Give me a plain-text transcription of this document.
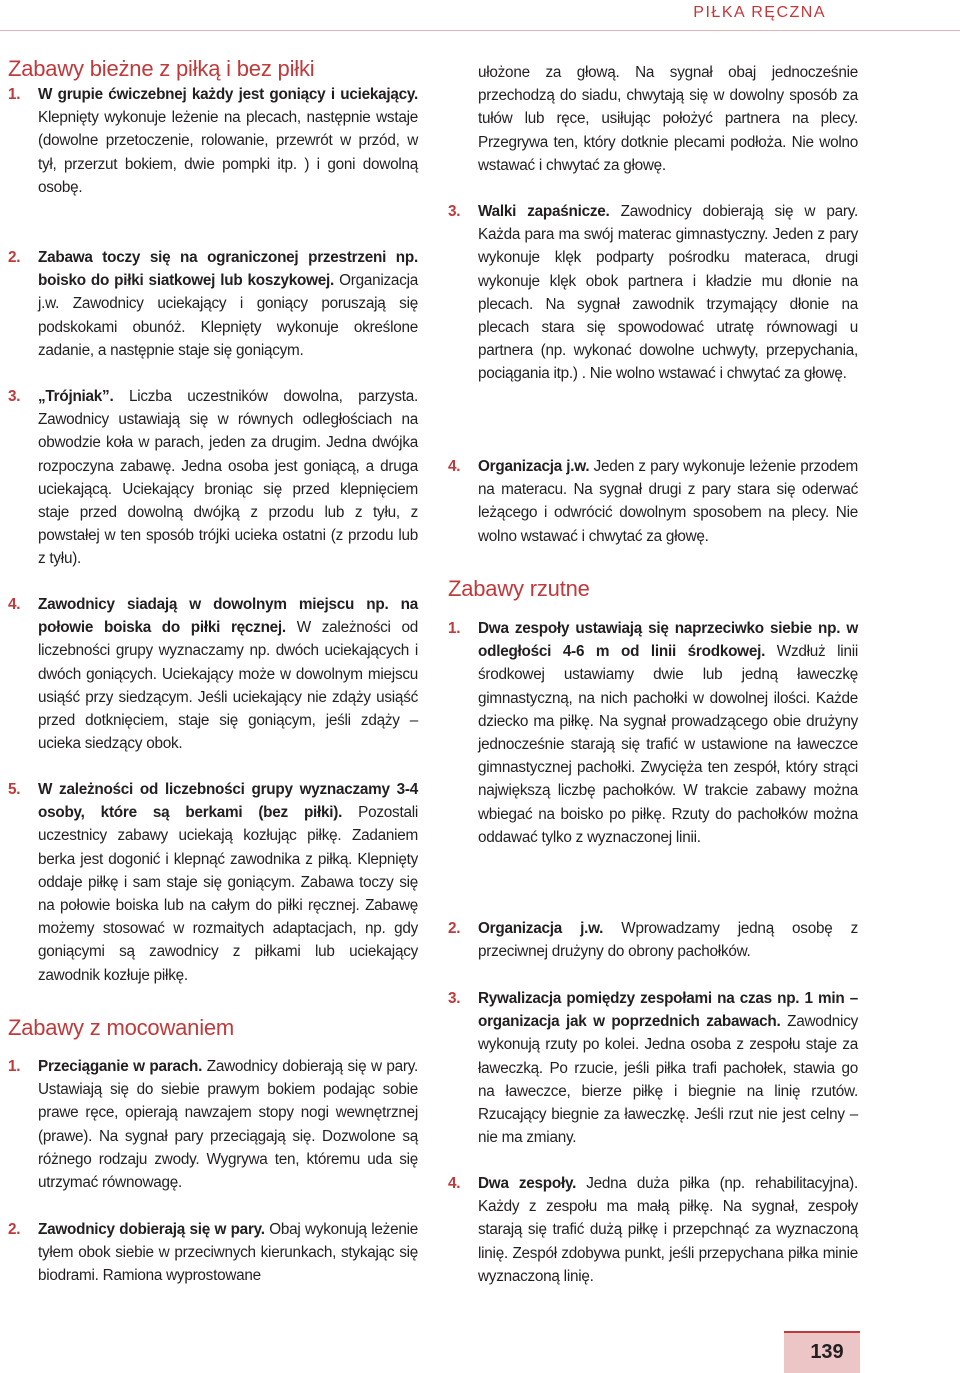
PIŁKA RĘCZNA
Zabawy bieżne z piłką i bez piłki
1.	W grupie ćwiczebnej każdy jest goniący i uciekający. Klepnięty wykonuje leżenie na plecach, następnie wstaje (dowolne przetoczenie, rolowanie, przewrót w przód, w tył, przerzut bokiem, dwie pompki itp. ) i goni dowolną osobę.
2.	Zabawa toczy się na ograniczonej przestrzeni np. boisko do piłki siatkowej lub koszykowej. Organizacja j.w. Zawodnicy uciekający i goniący poruszają się podskokami obunóż. Klepnięty wykonuje określone zadanie, a następnie staje się goniącym.
3.	„Trójniak”. Liczba uczestników dowolna, parzysta. Zawodnicy ustawiają się w równych odległościach na obwodzie koła w parach, jeden za drugim. Jedna dwójka rozpoczyna zabawę. Jedna osoba jest goniącą, a druga uciekającą. Uciekający broniąc się przed klepnięciem staje przed dowolną dwójką z przodu lub z tyłu, z powstałej w ten sposób trójki ucieka ostatni (z przodu lub z tyłu).
4.	Zawodnicy siadają w dowolnym miejscu np. na połowie boiska do piłki ręcznej. W zależności od liczebności grupy wyznaczamy np. dwóch uciekających i dwóch goniących. Uciekający może w dowolnym miejscu usiąść przy siedzącym. Jeśli uciekający nie zdąży usiąść przed dotknięciem, staje się goniącym, jeśli zdąży – ucieka siedzący obok.
5.	W zależności od liczebności grupy wyznaczamy 3-4 osoby, które są berkami (bez piłki). Pozostali uczestnicy zabawy uciekają kozłując piłkę. Zadaniem berka jest dogonić i klepnąć zawodnika z piłką. Klepnięty oddaje piłkę i sam staje się goniącym. Zabawa toczy się na połowie boiska lub na całym do piłki ręcznej. Zabawę możemy stosować w rozmaitych adaptacjach, np. gdy goniącymi są zawodnicy z piłkami lub uciekający zawodnik kozłuje piłkę.
Zabawy z mocowaniem
1.	Przeciąganie w parach. Zawodnicy dobierają się w pary. Ustawiają się do siebie prawym bokiem podając sobie prawe ręce, opierają nawzajem stopy nogi wewnętrznej (prawe). Na sygnał pary przeciągają się. Dozwolone są różnego rodzaju zwody. Wygrywa ten, któremu uda się utrzymać równowagę.
2.	Zawodnicy dobierają się w pary. Obaj wykonują leżenie tyłem obok siebie w przeciwnych kierunkach, stykając się biodrami. Ramiona wyprostowane
ułożone za głową. Na sygnał obaj jednocześnie przechodzą do siadu, chwytają się w dowolny sposób za tułów lub ręce, usiłując położyć partnera na plecy. Przegrywa ten, który dotknie plecami podłoża. Nie wolno wstawać i chwytać za głowę.
3.	Walki zapaśnicze. Zawodnicy dobierają się w pary. Każda para ma swój materac gimnastyczny. Jeden z pary wykonuje klęk podparty pośrodku materaca, drugi wykonuje klęk obok partnera i kładzie mu dłonie na plecach. Na sygnał zawodnik trzymający dłonie na plecach stara się spowodować utratę równowagi u partnera (np. wykonać dowolne uchwyty, przepychania, pociągania itp.) . Nie wolno wstawać i chwytać za głowę.
4.	Organizacja j.w. Jeden z pary wykonuje leżenie przodem na materacu. Na sygnał drugi z pary stara się oderwać leżącego i odwrócić dowolnym sposobem na plecy. Nie wolno wstawać i chwytać za głowę.
Zabawy rzutne
1.	Dwa zespoły ustawiają się naprzeciwko siebie np. w odległości 4-6 m od linii środkowej. Wzdłuż linii środkowej ustawiamy dwie lub jedną ławeczkę gimnastyczną, na nich pachołki w dowolnej ilości. Każde dziecko ma piłkę. Na sygnał prowadzącego obie drużyny jednocześnie starają się trafić w ustawione na ławeczce gimnastycznej pachołki. Zwycięża ten zespół, który strąci największą liczbę pachołków. W trakcie zabawy można wbiegać na boisko po piłkę. Rzuty do pachołków można oddawać tylko z wyznaczonej linii.
2.	Organizacja j.w. Wprowadzamy jedną osobę z przeciwnej drużyny do obrony pachołków.
3.	Rywalizacja pomiędzy zespołami na czas np. 1 min – organizacja jak w poprzednich zabawach. Zawodnicy wykonują rzuty po kolei. Jedna osoba z zespołu staje za ławeczką. Po rzucie, jeśli piłka trafi pachołek, stawia go na ławeczce, bierze piłkę i biegnie na linię rzutów. Rzucający biegnie za ławeczkę. Jeśli rzut nie jest celny – nie ma zmiany.
4.	Dwa zespoły. Jedna duża piłka (np. rehabilitacyjna). Każdy z zespołu ma małą piłkę. Na sygnał, zespoły starają się trafić dużą piłkę i przepchnąć za wyznaczoną linię. Zespół zdobywa punkt, jeśli przepychana piłka minie wyznaczoną linię.
139
